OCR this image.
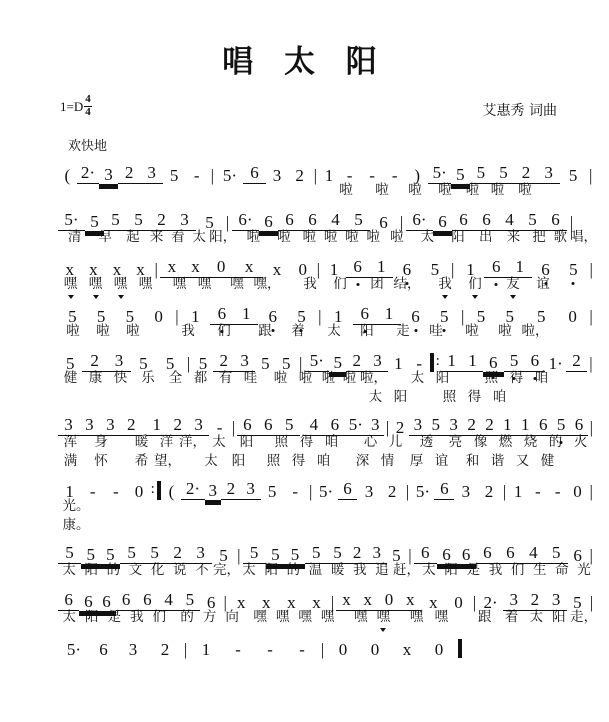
唱 太 阳
$1=D \frac{4}{4}$	艾惠秀 词曲
欢快地
( 2· 3 2 3 5 - |	5· 6 3 2 |	1 - - - ) 5· 5 5 5 2 3 5
|
啦	啦	啦	啦	啦 啦	啦
5· 5 5 5 2 3 5 |	6· 6 6 6 4 5 6 |	6· 6 6 6 4 5 6
|
清	早	起 来 看 太 阳， 啦	啦 啦 啦 啦 啦 啦	太	阳	出	来 把 歌 唱，
x x x x |	x x	0	x	x	0 |	1 6 1	6	5 |	1	6 1	6	5
|
嘿 嘿 嘿 嘿	嘿 嘿	嘿 嘿，	我	们	团 结，	我	们	友	谊
5	5	5	0 |	1	6 1	6	5 |	1	6 1	6	5 |	5	5	5	0
|
啦	啦	啦	我	们	跟	着	太	阳	走	哇	啦	啦 啦，
5 2 3 5	5 |	5 2 3 5 5 |	5· 5 2 3 1 - :	1 1 6 5 6 1· 2
|
健 康 快	乐	全 都 有 哇	啦 啦 啦 啦 啦，	太 阳	照 得 咱
太 阳	照 得 咱
3 3 3 2 1 2 3 - |	6 6 5 4 6 5· 3 | 2 3 5 3 2 2 1 1 6 5 6
|
浑	身	暖 洋 洋， 太	阳	照 得 咱	心 儿	透	亮 像 燃 烧 的 火
满	怀	希 望，	太	阳	照 得 咱	深 情	厚 谊	和 谐 又 健
1 -	- 0 :	( 2· 3 2 3 5 - |	5· 6 3 2 |	5· 6 3 2 |	1 - - 0
|
光。
康。
5 5 5 5 5 2 3 5 |	5 5 5 5 5 2 3 5 |	6 6 6 6 6 4 5 6
|
太 阳 的 文 化 说 不 完， 太 阳 的 温 暖 我 追 赶， 太 阳 是 我 们 生 命 光
6 6 6 6 6 4 5 6 |	x x x x |	x x 0 x x 0 |	2· 3 2 3 5
|
太 阳 是 我 们	的 方 向	嘿 嘿 嘿 嘿	嘿 嘿	嘿 嘿	跟	着 太 阳 走，
5·	6	3	2 |	1	-	-	- |	0	0	x	0
